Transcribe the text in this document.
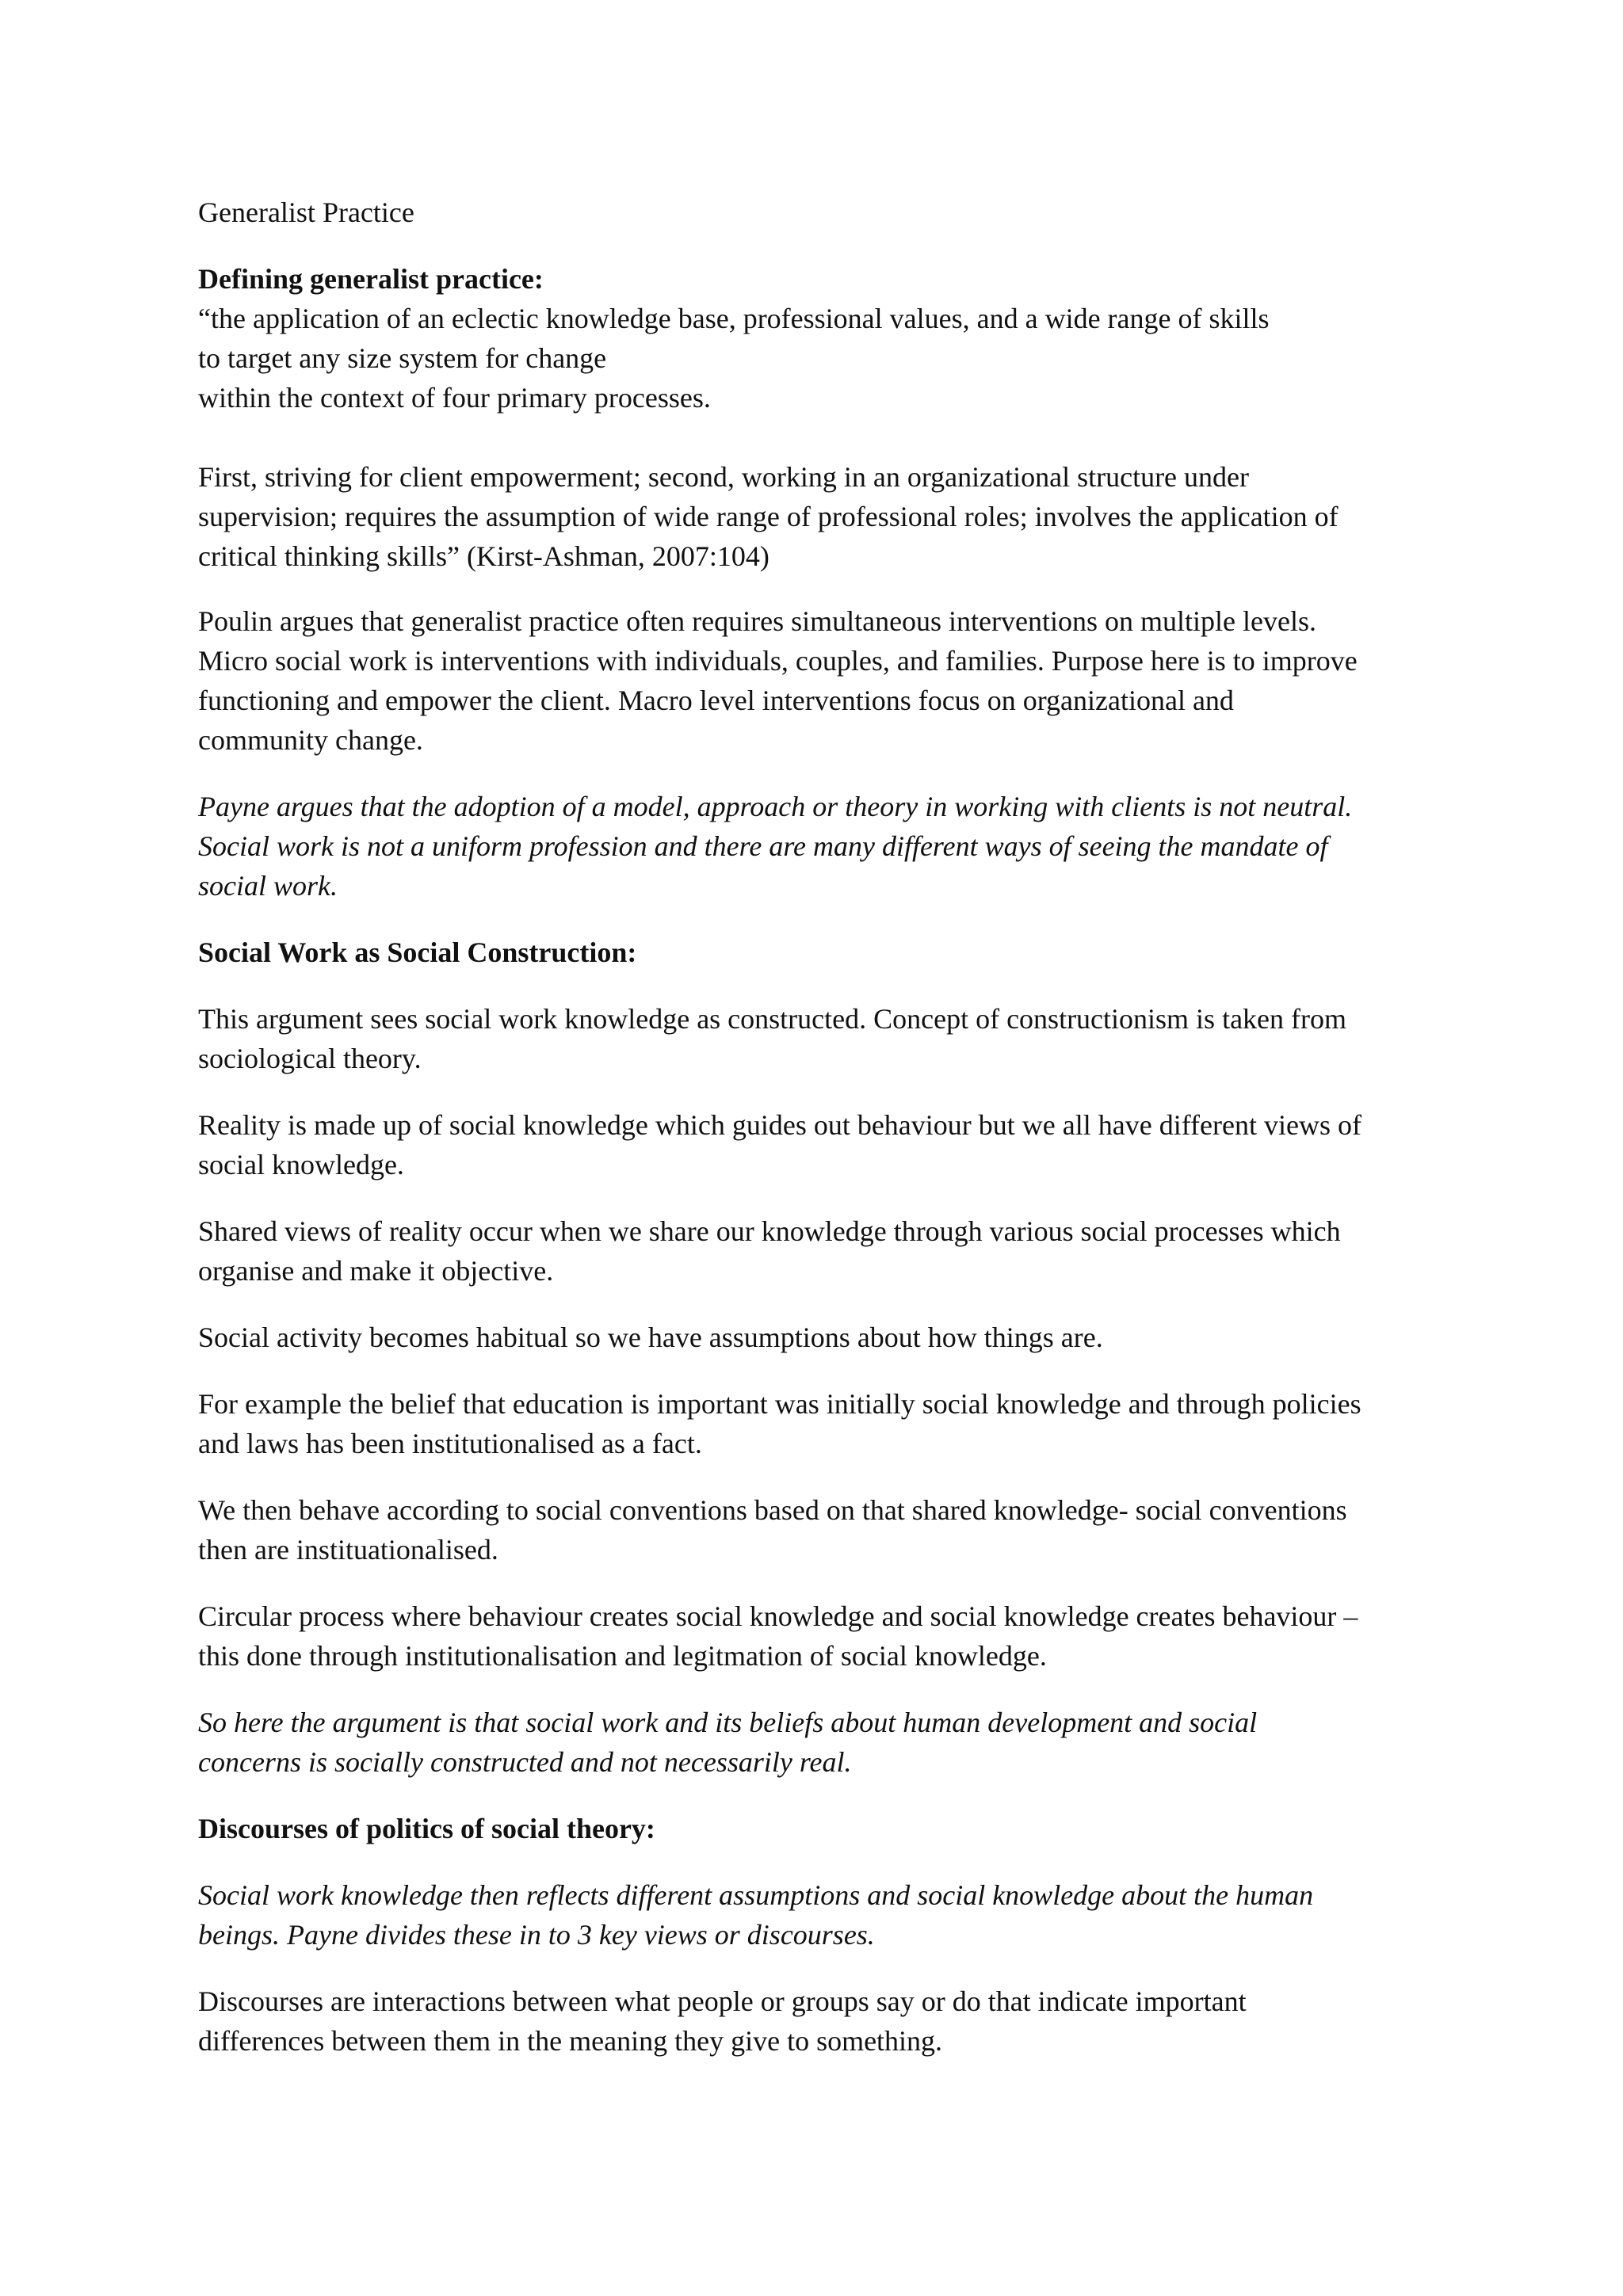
Generalist Practice

Defining generalist practice:
“the application of an eclectic knowledge base, professional values, and a wide range of skills
to target any size system for change
within the context of four primary processes.
First, striving for client empowerment; second, working in an organizational structure under
supervision; requires the assumption of wide range of professional roles; involves the application of
critical thinking skills” (Kirst-Ashman, 2007:104)

Poulin argues that generalist practice often requires simultaneous interventions on multiple levels.
Micro social work is interventions with individuals, couples, and families. Purpose here is to improve
functioning and empower the client. Macro level interventions focus on organizational and
community change.

Payne argues that the adoption of a model, approach or theory in working with clients is not neutral.
Social work is not a uniform profession and there are many different ways of seeing the mandate of
social work.

Social Work as Social Construction:

This argument sees social work knowledge as constructed. Concept of constructionism is taken from
sociological theory.

Reality is made up of social knowledge which guides out behaviour but we all have different views of
social knowledge.

Shared views of reality occur when we share our knowledge through various social processes which
organise and make it objective.

Social activity becomes habitual so we have assumptions about how things are.

For example the belief that education is important was initially social knowledge and through policies
and laws has been institutionalised as a fact.

We then behave according to social conventions based on that shared knowledge- social conventions
then are instituationalised.

Circular process where behaviour creates social knowledge and social knowledge creates behaviour –
this done through institutionalisation and legitmation of social knowledge.

So here the argument is that social work and its beliefs about human development and social
concerns is socially constructed and not necessarily real.

Discourses of politics of social theory:

Social work knowledge then reflects different assumptions and social knowledge about the human
beings. Payne divides these in to 3 key views or discourses.

Discourses are interactions between what people or groups say or do that indicate important
differences between them in the meaning they give to something.
